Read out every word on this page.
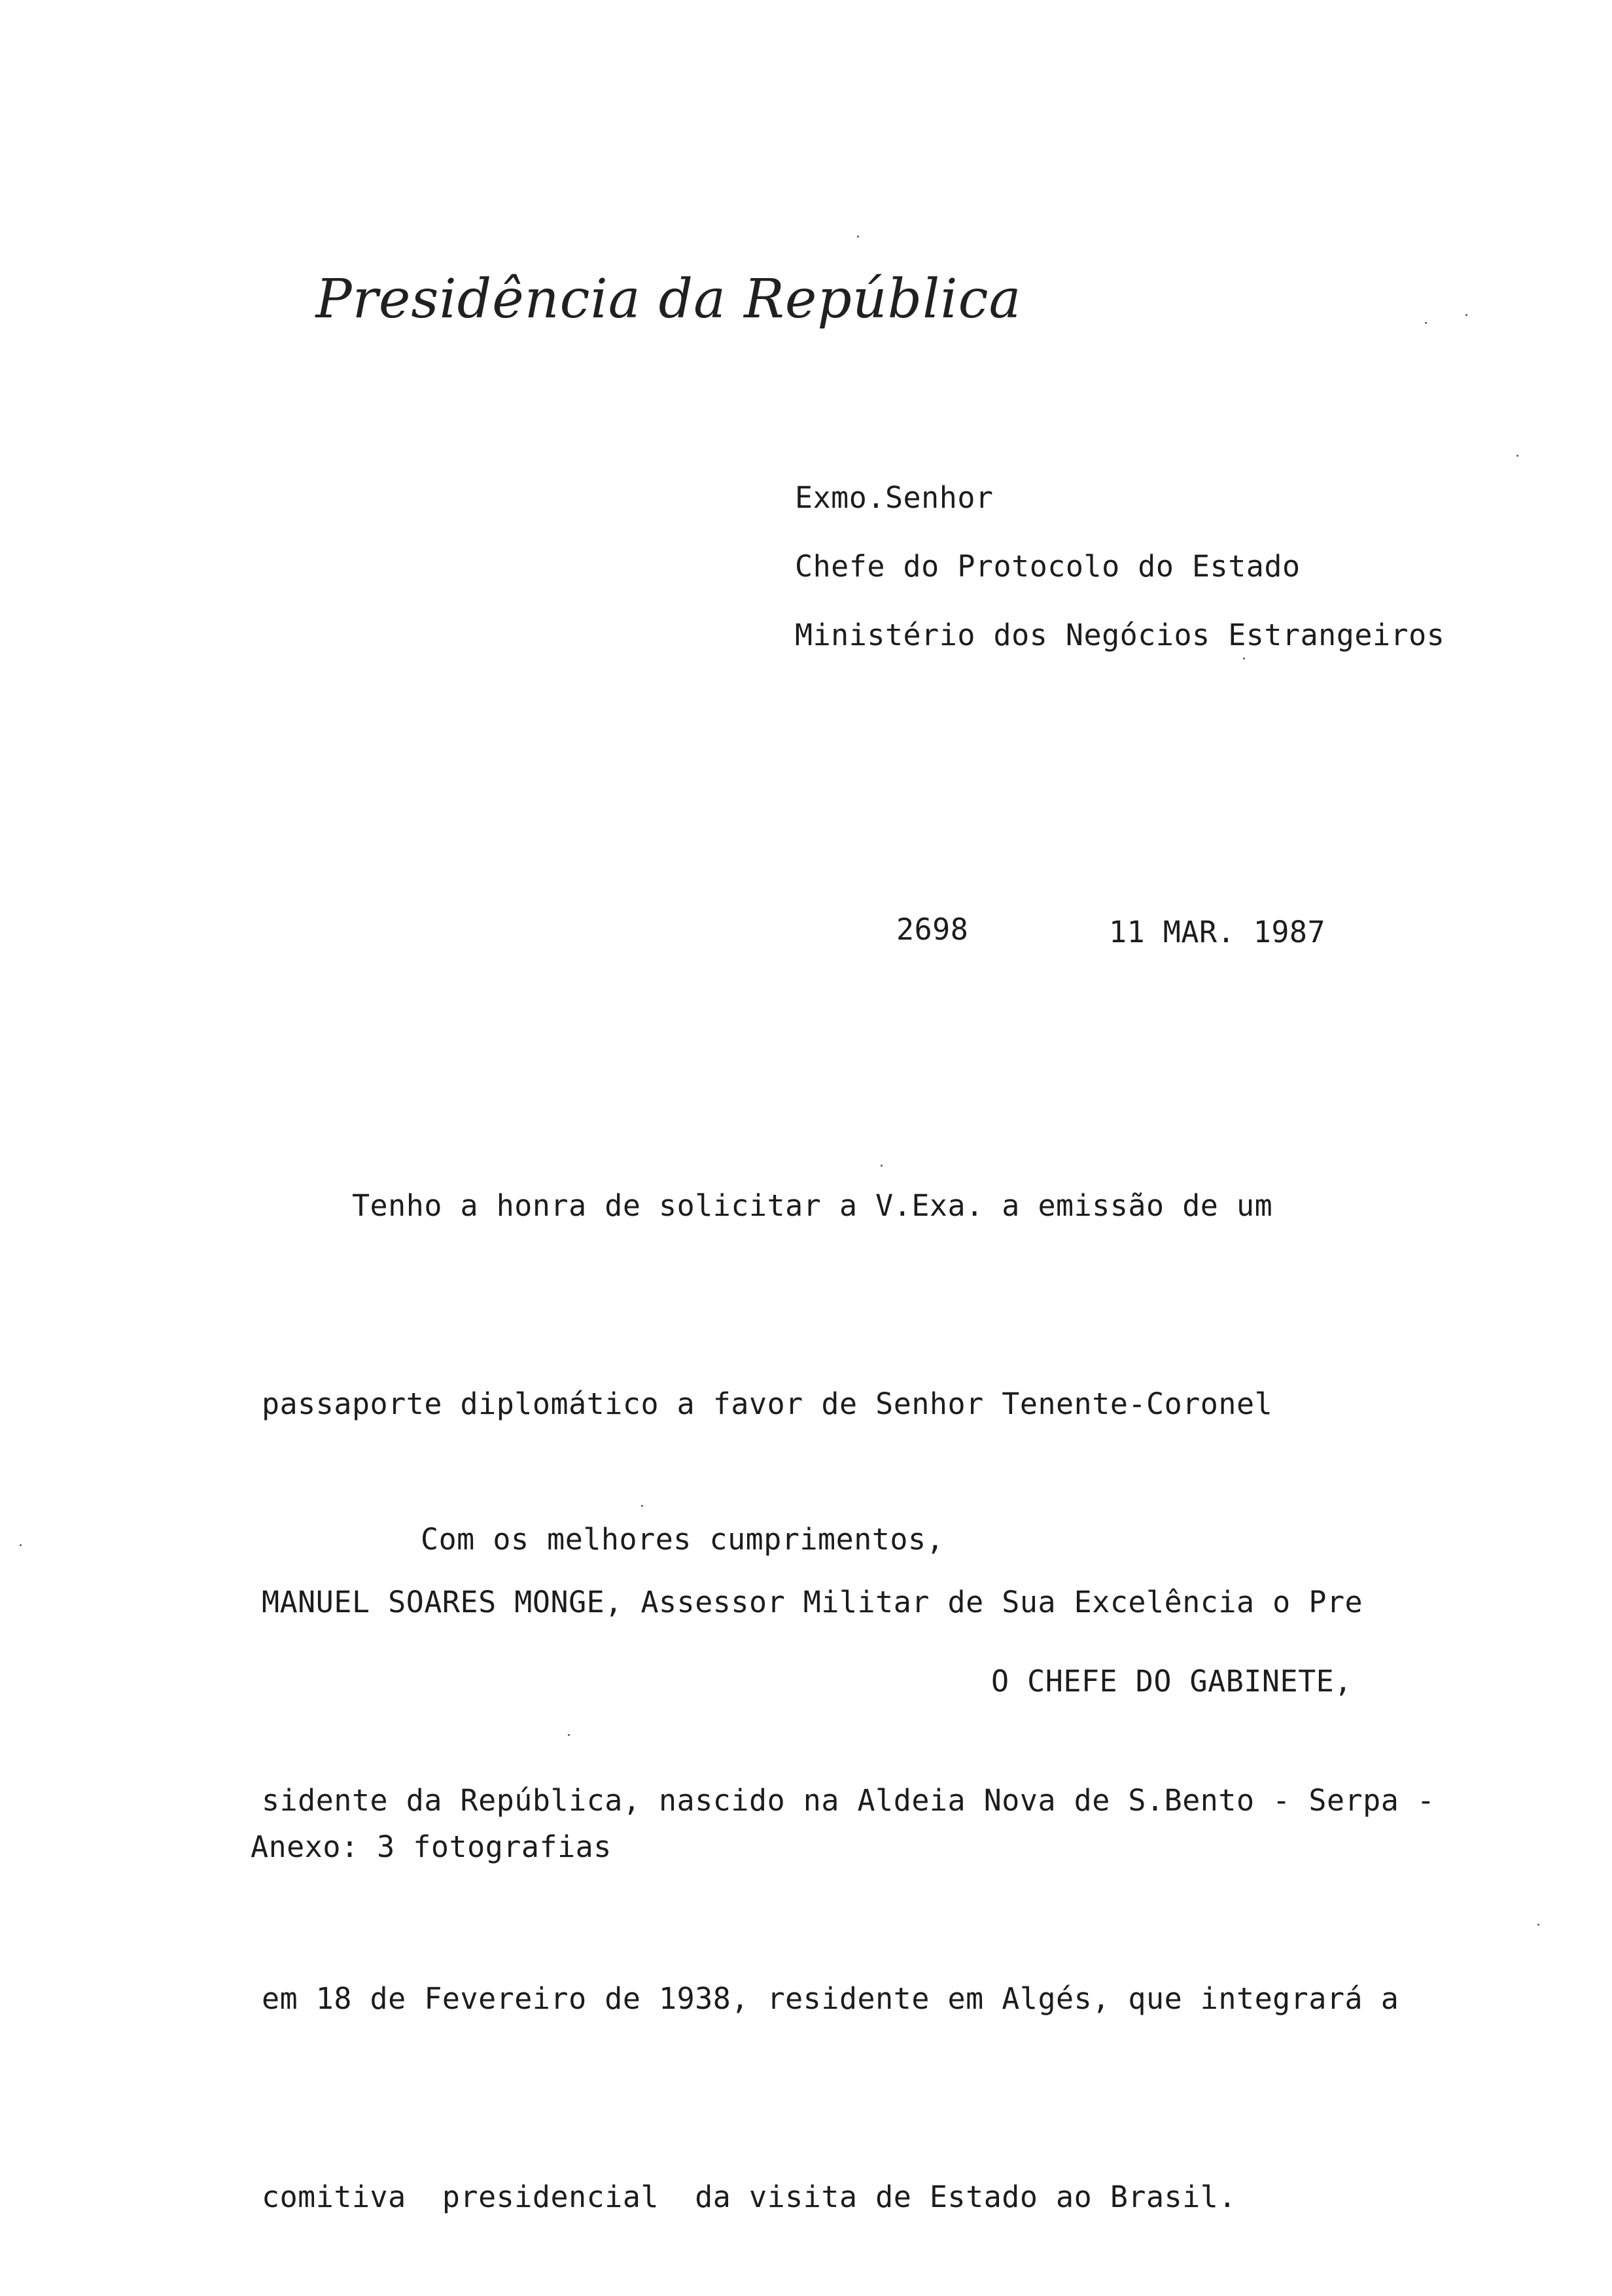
Presidência da República
Exmo.Senhor
Chefe do Protocolo do Estado
Ministério dos Negócios Estrangeiros
2698	11 MAR. 1987

Tenho a honra de solicitar a V.Exa. a emissão de um

passaporte diplomático a favor de Senhor Tenente-Coronel

MANUEL SOARES MONGE, Assessor Militar de Sua Excelência o Pre

sidente da República, nascido na Aldeia Nova de S.Bento - Serpa -

em 18 de Fevereiro de 1938, residente em Algés, que integrará a

comitiva  presidencial  da visita de Estado ao Brasil.

Com os melhores cumprimentos,
O CHEFE DO GABINETE,
Anexo: 3 fotografias
